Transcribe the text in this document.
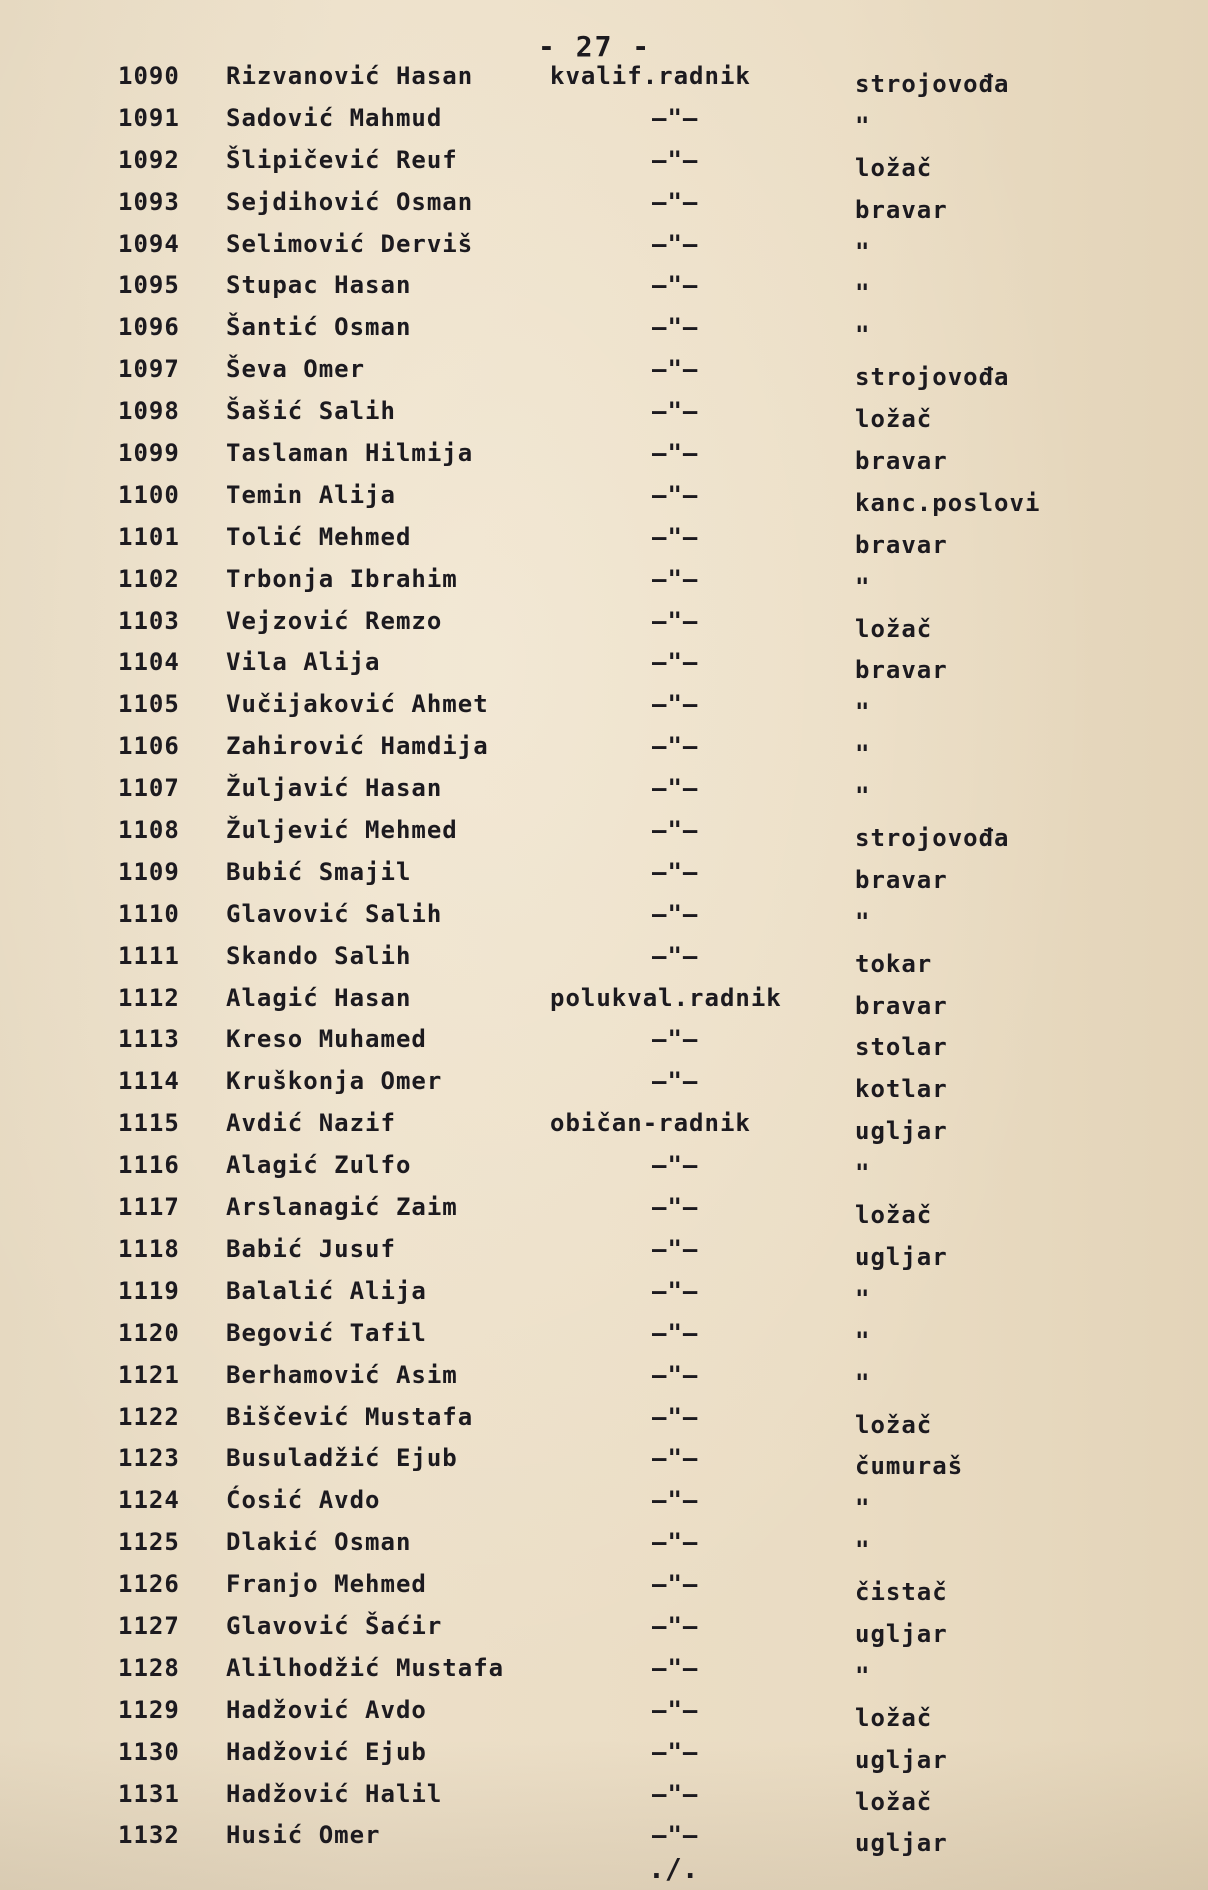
- 27 -
1090 Rizvanović Hasan	kvalif.radnik	strojovođa
1091 Sadović Mahmud	–"–	"
1092 Šlipičević Reuf	–"–	ložač
1093 Sejdihović Osman	–"–	bravar
1094 Selimović Derviš	–"–	"
1095 Stupac Hasan	–"–	"
1096 Šantić Osman	–"–	"
1097 Ševa Omer	–"–	strojovođa
1098 Šašić Salih	–"–	ložač
1099 Taslaman Hilmija	–"–	bravar
1100 Temin Alija	–"–	kanc.poslovi
1101 Tolić Mehmed	–"–	bravar
1102 Trbonja Ibrahim	–"–	"
1103 Vejzović Remzo	–"–	ložač
1104 Vila Alija	–"–	bravar
1105 Vučijaković Ahmet	–"–	"
1106 Zahirović Hamdija	–"–	"
1107 Žuljavić Hasan	–"–	"
1108 Žuljević Mehmed	–"–	strojovođa
1109 Bubić Smajil	–"–	bravar
1110 Glavović Salih	–"–	"
1111 Skando Salih	–"–	tokar
1112 Alagić Hasan	polukval.radnik	bravar
1113 Kreso Muhamed	–"–	stolar
1114 Kruškonja Omer	–"–	kotlar
1115 Avdić Nazif	običan-radnik	ugljar
1116 Alagić Zulfo	–"–	"
1117 Arslanagić Zaim	–"–	ložač
1118 Babić Jusuf	–"–	ugljar
1119 Balalić Alija	–"–	"
1120 Begović Tafil	–"–	"
1121 Berhamović Asim	–"–	"
1122 Biščević Mustafa	–"–	ložač
1123 Busuladžić Ejub	–"–	čumuraš
1124 Ćosić Avdo	–"–	"
1125 Dlakić Osman	–"–	"
1126 Franjo Mehmed	–"–	čistač
1127 Glavović Šaćir	–"–	ugljar
1128 Alilhodžić Mustafa	–"–	"
1129 Hadžović Avdo	–"–	ložač
1130 Hadžović Ejub	–"–	ugljar
1131 Hadžović Halil	–"–	ložač
1132 Husić Omer	–"–	ugljar
./.
